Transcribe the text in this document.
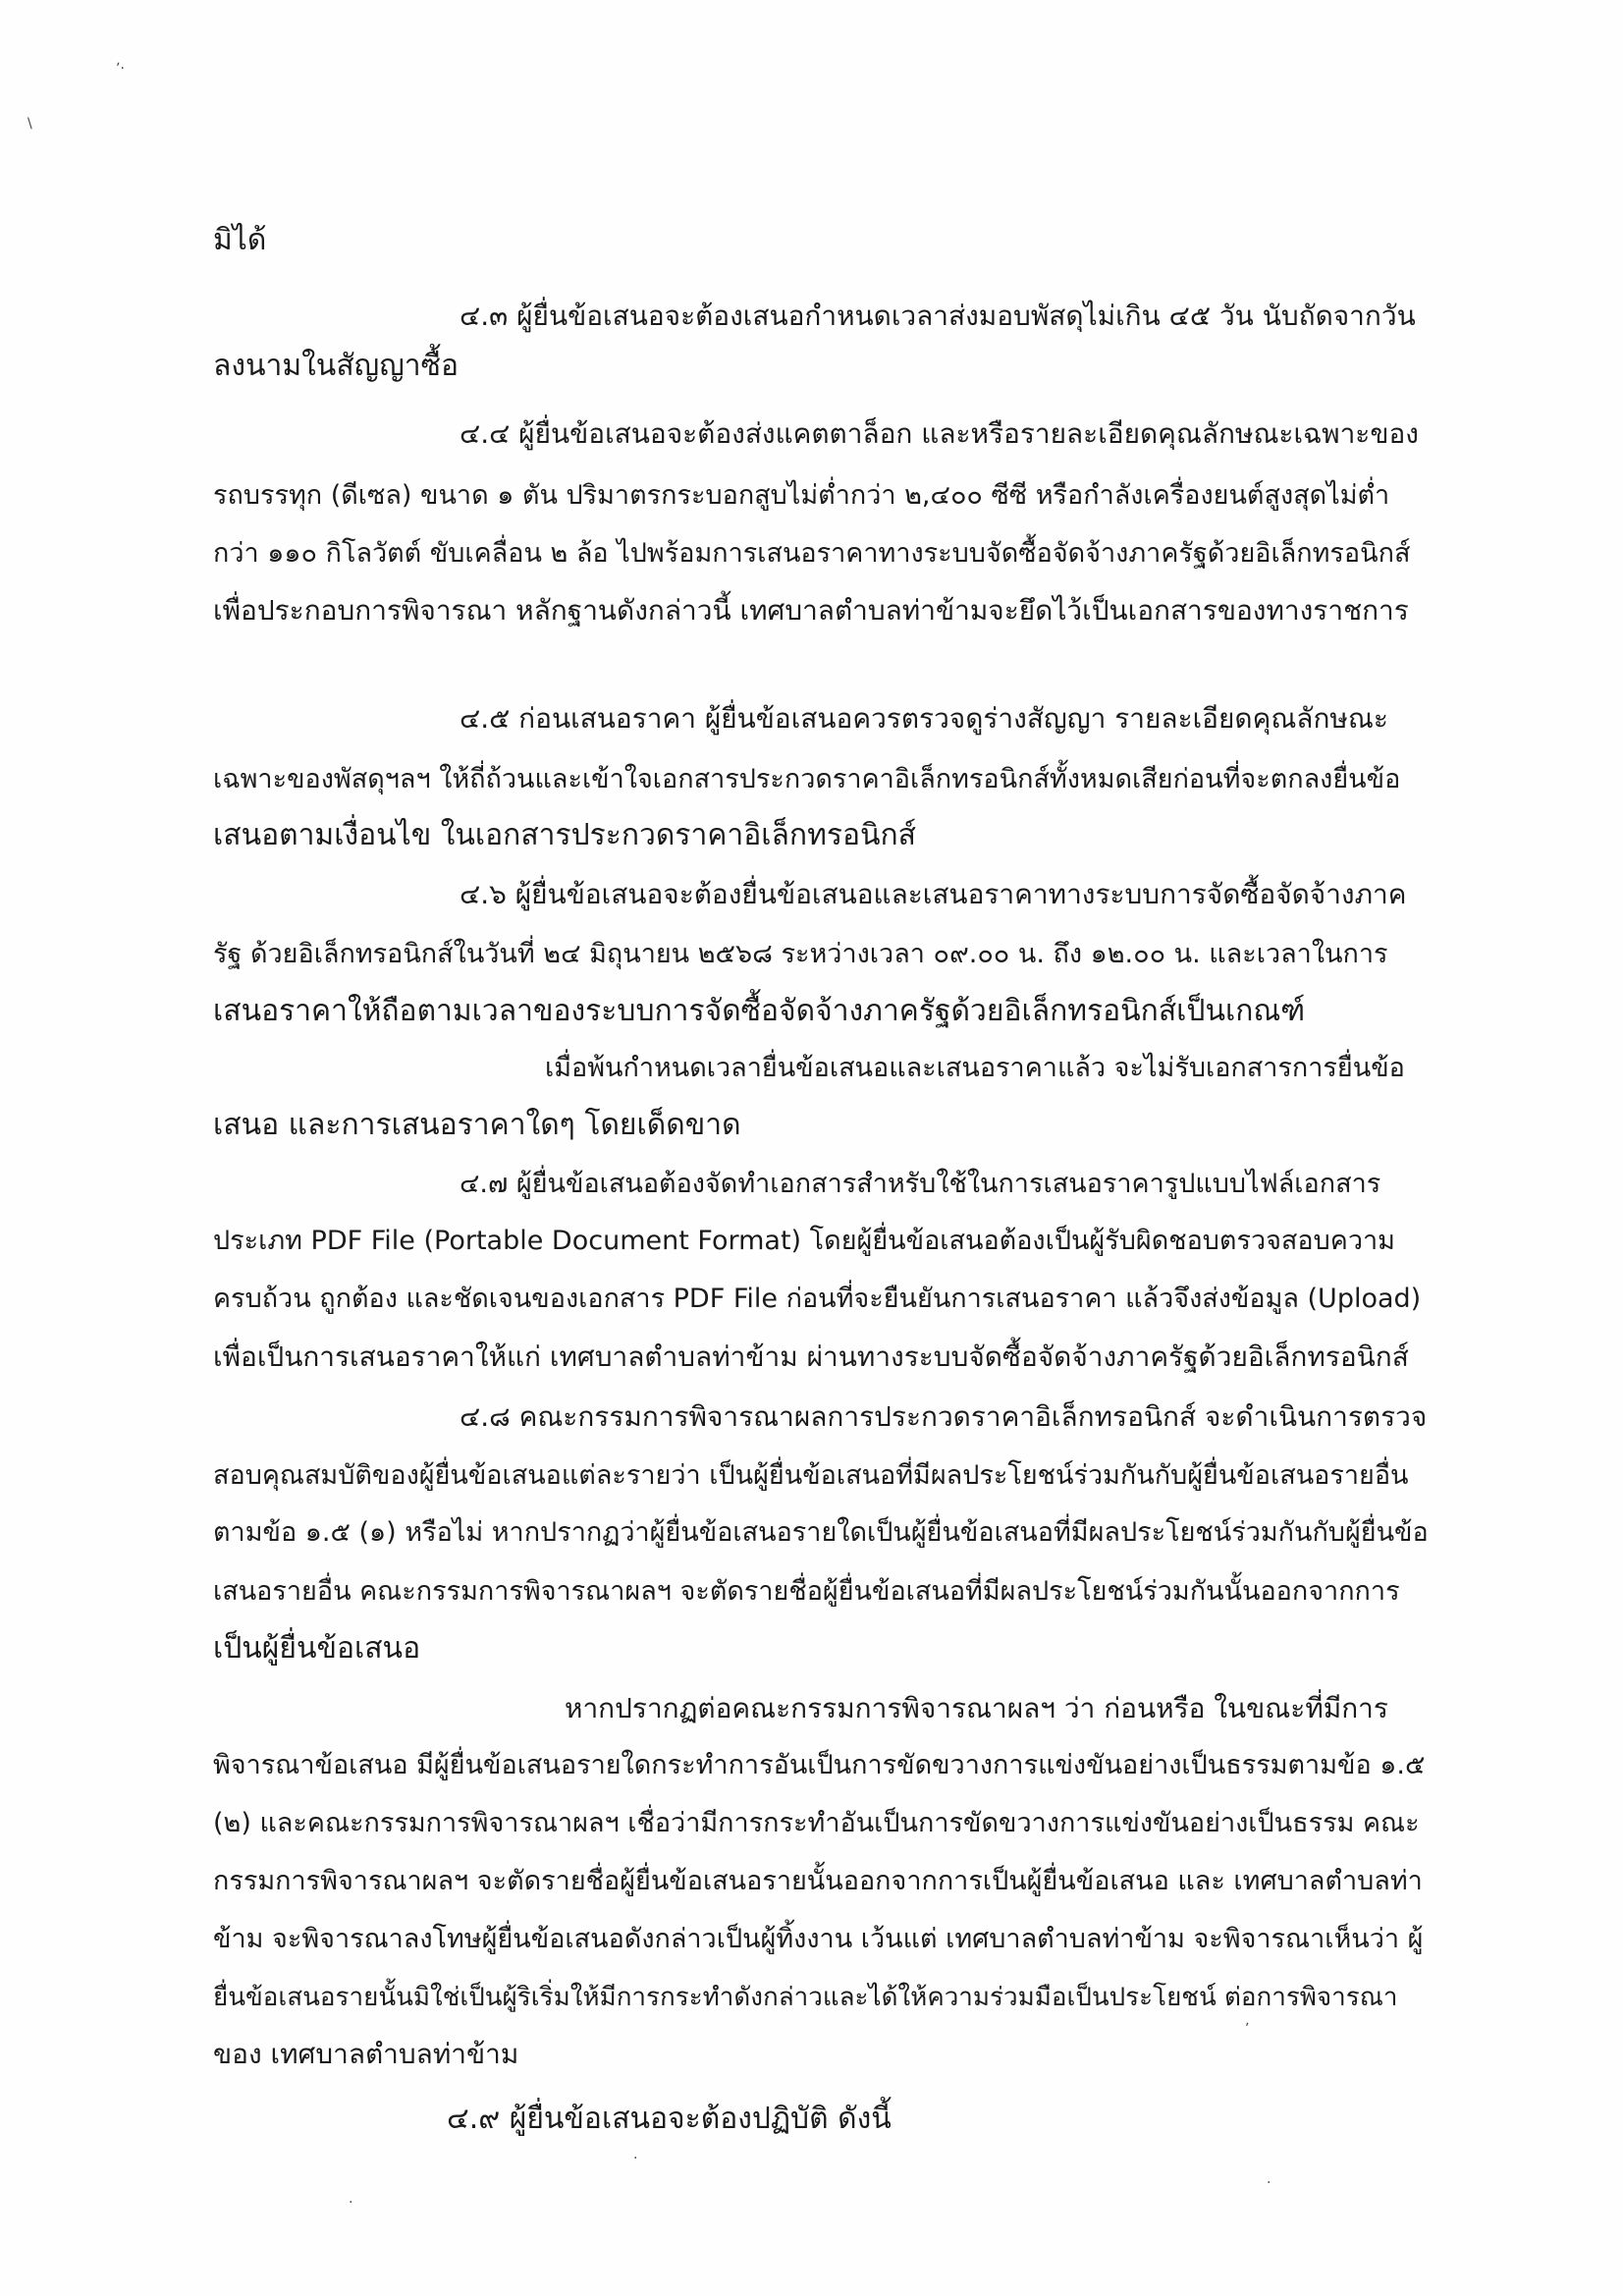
ʼ·
\
มิได้
๔.๓ ผู้ยื่นข้อเสนอจะต้องเสนอกำหนดเวลาส่งมอบพัสดุไม่เกิน ๔๕ วัน นับถัดจากวัน
ลงนามในสัญญาซื้อ
๔.๔ ผู้ยื่นข้อเสนอจะต้องส่งแคตตาล็อก และหรือรายละเอียดคุณลักษณะเฉพาะของ
รถบรรทุก (ดีเซล) ขนาด ๑ ตัน ปริมาตรกระบอกสูบไม่ต่ำกว่า ๒,๔๐๐ ซีซี หรือกำลังเครื่องยนต์สูงสุดไม่ต่ำ
กว่า ๑๑๐ กิโลวัตต์ ขับเคลื่อน ๒ ล้อ ไปพร้อมการเสนอราคาทางระบบจัดซื้อจัดจ้างภาครัฐด้วยอิเล็กทรอนิกส์
เพื่อประกอบการพิจารณา หลักฐานดังกล่าวนี้ เทศบาลตำบลท่าข้ามจะยึดไว้เป็นเอกสารของทางราชการ
๔.๕ ก่อนเสนอราคา ผู้ยื่นข้อเสนอควรตรวจดูร่างสัญญา รายละเอียดคุณลักษณะ
เฉพาะของพัสดุฯลฯ ให้ถี่ถ้วนและเข้าใจเอกสารประกวดราคาอิเล็กทรอนิกส์ทั้งหมดเสียก่อนที่จะตกลงยื่นข้อ
เสนอตามเงื่อนไข ในเอกสารประกวดราคาอิเล็กทรอนิกส์
๔.๖ ผู้ยื่นข้อเสนอจะต้องยื่นข้อเสนอและเสนอราคาทางระบบการจัดซื้อจัดจ้างภาค
รัฐ ด้วยอิเล็กทรอนิกส์ในวันที่ ๒๔ มิถุนายน ๒๕๖๘ ระหว่างเวลา ๐๙.๐๐ น. ถึง ๑๒.๐๐ น. และเวลาในการ
เสนอราคาให้ถือตามเวลาของระบบการจัดซื้อจัดจ้างภาครัฐด้วยอิเล็กทรอนิกส์เป็นเกณฑ์
เมื่อพ้นกำหนดเวลายื่นข้อเสนอและเสนอราคาแล้ว จะไม่รับเอกสารการยื่นข้อ
เสนอ และการเสนอราคาใดๆ โดยเด็ดขาด
๔.๗ ผู้ยื่นข้อเสนอต้องจัดทำเอกสารสำหรับใช้ในการเสนอราคารูปแบบไฟล์เอกสาร
ประเภท PDF File (Portable Document Format) โดยผู้ยื่นข้อเสนอต้องเป็นผู้รับผิดชอบตรวจสอบความ
ครบถ้วน ถูกต้อง และชัดเจนของเอกสาร PDF File ก่อนที่จะยืนยันการเสนอราคา แล้วจึงส่งข้อมูล (Upload)
เพื่อเป็นการเสนอราคาให้แก่ เทศบาลตำบลท่าข้าม ผ่านทางระบบจัดซื้อจัดจ้างภาครัฐด้วยอิเล็กทรอนิกส์
๔.๘ คณะกรรมการพิจารณาผลการประกวดราคาอิเล็กทรอนิกส์ จะดำเนินการตรวจ
สอบคุณสมบัติของผู้ยื่นข้อเสนอแต่ละรายว่า เป็นผู้ยื่นข้อเสนอที่มีผลประโยชน์ร่วมกันกับผู้ยื่นข้อเสนอรายอื่น
ตามข้อ ๑.๕ (๑) หรือไม่ หากปรากฏว่าผู้ยื่นข้อเสนอรายใดเป็นผู้ยื่นข้อเสนอที่มีผลประโยชน์ร่วมกันกับผู้ยื่นข้อ
เสนอรายอื่น คณะกรรมการพิจารณาผลฯ จะตัดรายชื่อผู้ยื่นข้อเสนอที่มีผลประโยชน์ร่วมกันนั้นออกจากการ
เป็นผู้ยื่นข้อเสนอ
หากปรากฏต่อคณะกรรมการพิจารณาผลฯ ว่า ก่อนหรือ ในขณะที่มีการ
พิจารณาข้อเสนอ มีผู้ยื่นข้อเสนอรายใดกระทำการอันเป็นการขัดขวางการแข่งขันอย่างเป็นธรรมตามข้อ ๑.๕
(๒) และคณะกรรมการพิจารณาผลฯ เชื่อว่ามีการกระทำอันเป็นการขัดขวางการแข่งขันอย่างเป็นธรรม คณะ
กรรมการพิจารณาผลฯ จะตัดรายชื่อผู้ยื่นข้อเสนอรายนั้นออกจากการเป็นผู้ยื่นข้อเสนอ และ เทศบาลตำบลท่า
ข้าม จะพิจารณาลงโทษผู้ยื่นข้อเสนอดังกล่าวเป็นผู้ทิ้งงาน เว้นแต่ เทศบาลตำบลท่าข้าม จะพิจารณาเห็นว่า ผู้
ยื่นข้อเสนอรายนั้นมิใช่เป็นผู้ริเริ่มให้มีการกระทำดังกล่าวและได้ให้ความร่วมมือเป็นประโยชน์ ต่อการพิจารณา
ของ เทศบาลตำบลท่าข้าม
๔.๙ ผู้ยื่นข้อเสนอจะต้องปฏิบัติ ดังนี้
ʼ
·
·
·
